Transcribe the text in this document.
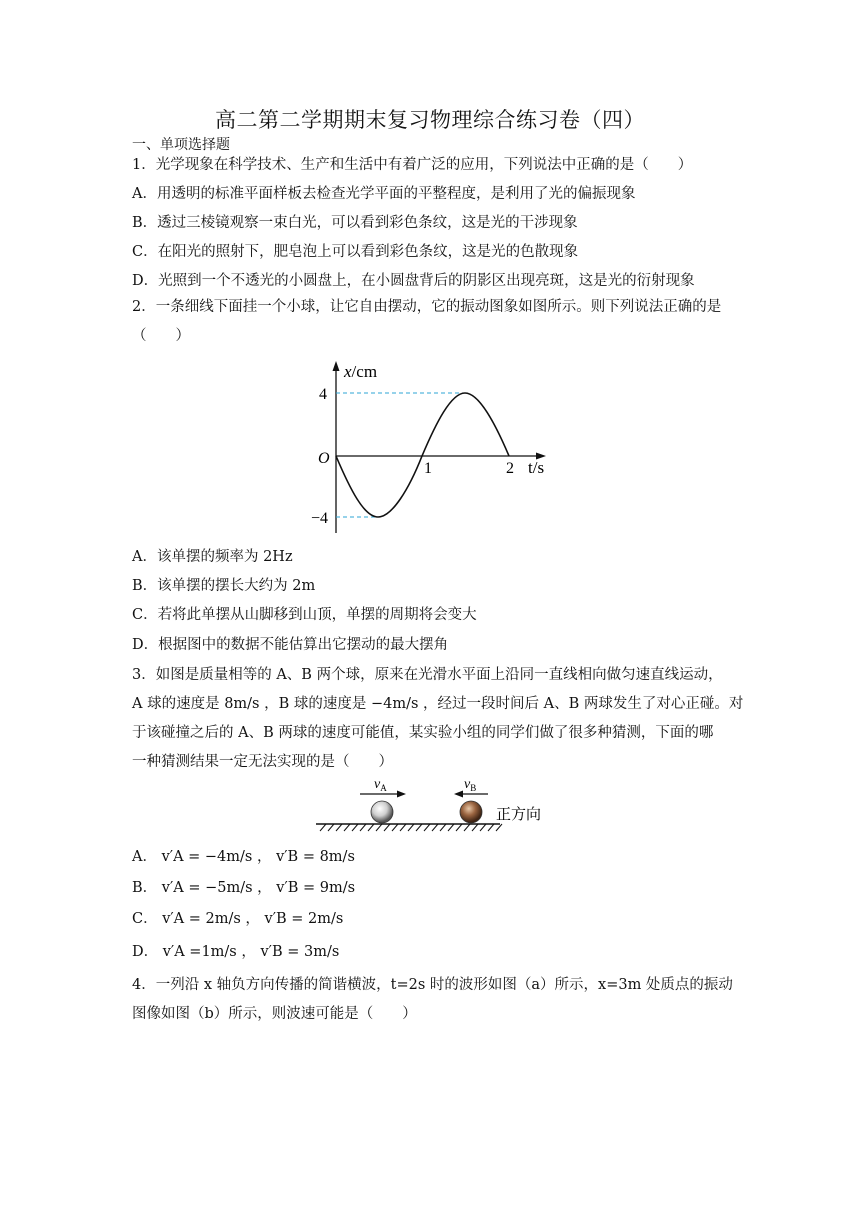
高二第二学期期末复习物理综合练习卷（四）
一、单项选择题
1．光学现象在科学技术、生产和生活中有着广泛的应用，下列说法中正确的是（　　）
A．用透明的标准平面样板去检查光学平面的平整程度，是利用了光的偏振现象
B．透过三棱镜观察一束白光，可以看到彩色条纹，这是光的干涉现象
C．在阳光的照射下，肥皂泡上可以看到彩色条纹，这是光的色散现象
D．光照到一个不透光的小圆盘上，在小圆盘背后的阴影区出现亮斑，这是光的衍射现象
2．一条细线下面挂一个小球，让它自由摆动，它的振动图象如图所示。则下列说法正确的是（　　）
x/cm
4
−4
O
1	2 t/s
A．该单摆的频率为 2Hz
B．该单摆的摆长大约为 2m
C．若将此单摆从山脚移到山顶，单摆的周期将会变大
D．根据图中的数据不能估算出它摆动的最大摆角
3．如图是质量相等的 A、B 两个球，原来在光滑水平面上沿同一直线相向做匀速直线运动，
A 球的速度是 8m/s ，B 球的速度是 −4m/s ，经过一段时间后 A、B 两球发生了对心正碰。对
于该碰撞之后的 A、B 两球的速度可能值，某实验小组的同学们做了很多种猜测，下面的哪
一种猜测结果一定无法实现的是（　　）
$v_A$	$v_B$
正方向
A． v′A = −4m/s ， v′B = 8m/s
B． v′A = −5m/s ， v′B = 9m/s
C． v′A = 2m/s ， v′B = 2m/s
D． v′A =1m/s ， v′B = 3m/s
4．一列沿 x 轴负方向传播的简谐横波，t=2s 时的波形如图（a）所示，x=3m 处质点的振动
图像如图（b）所示，则波速可能是（　　）
